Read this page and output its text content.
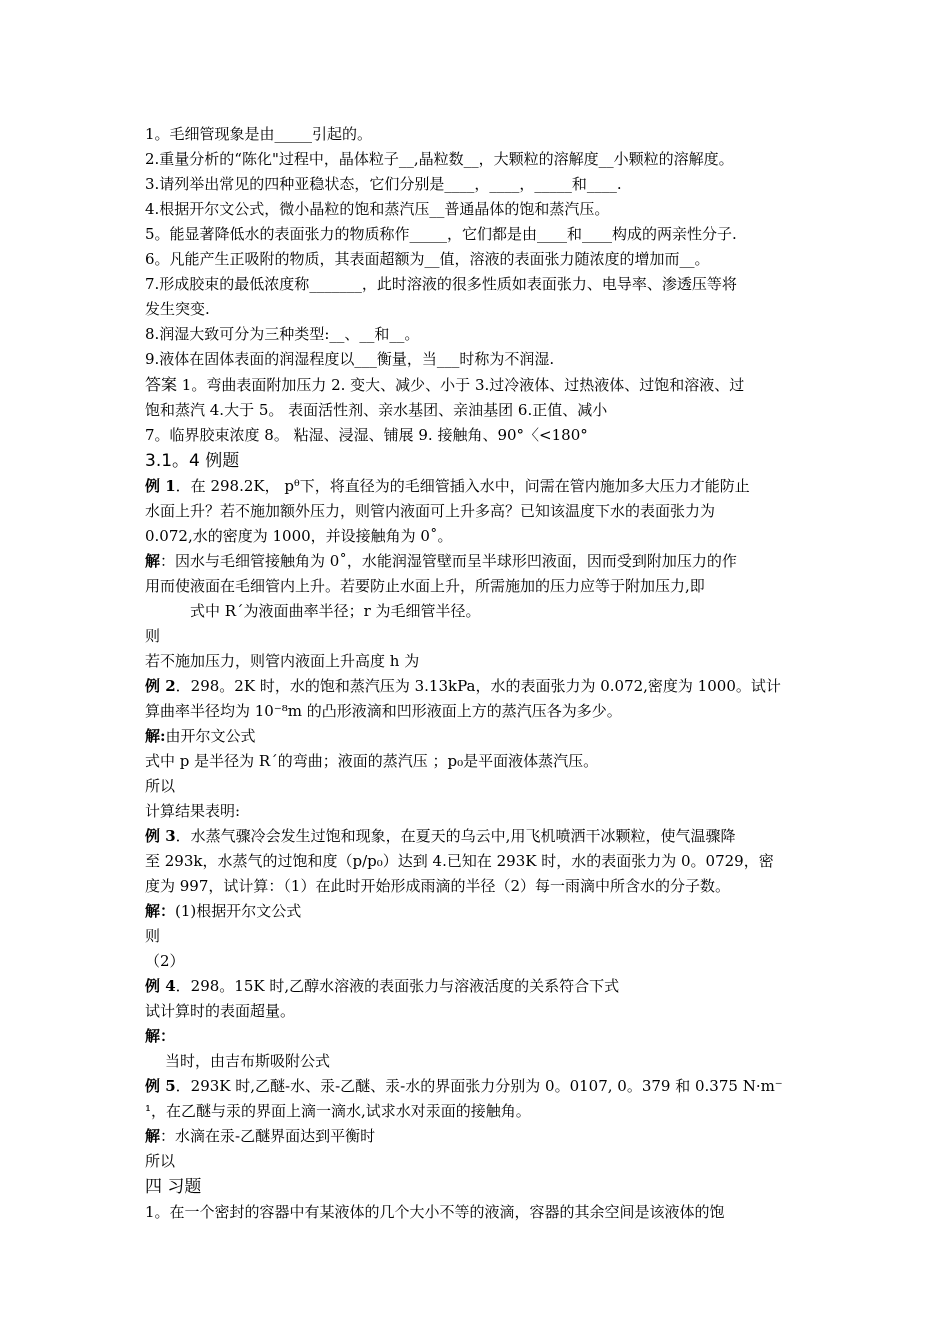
1。毛细管现象是由_____引起的。

2.重量分析的“陈化"过程中，晶体粒子__,晶粒数__，大颗粒的溶解度__小颗粒的溶解度。

3.请列举出常见的四种亚稳状态，它们分别是____，____，_____和____.

4.根据开尔文公式，微小晶粒的饱和蒸汽压__普通晶体的饱和蒸汽压。

5。能显著降低水的表面张力的物质称作_____，它们都是由____和____构成的两亲性分子.

6。凡能产生正吸附的物质，其表面超额为__值，溶液的表面张力随浓度的增加而__。

7.形成胶束的最低浓度称_______，此时溶液的很多性质如表面张力、电导率、渗透压等将

发生突变.

8.润湿大致可分为三种类型:__、__和__。

9.液体在固体表面的润湿程度以___衡量，当___时称为不润湿.

答案 1。弯曲表面附加压力 2. 变大、减少、小于 3.过冷液体、过热液体、过饱和溶液、过

饱和蒸汽 4.大于 5。 表面活性剂、亲水基团、亲油基团 6.正值、减小

7。临界胶束浓度 8。 粘湿、浸湿、铺展 9. 接触角、90°〈<180°

3.1。4 例题

例 1．在 298.2K， pᶿ下，将直径为的毛细管插入水中，问需在管内施加多大压力才能防止

水面上升？若不施加额外压力，则管内液面可上升多高？已知该温度下水的表面张力为

0.072,水的密度为 1000，并设接触角为 0˚。

解：因水与毛细管接触角为 0˚，水能润湿管壁而呈半球形凹液面，因而受到附加压力的作

用而使液面在毛细管内上升。若要防止水面上升，所需施加的压力应等于附加压力,即

式中 R΄为液面曲率半径；r 为毛细管半径。

则

若不施加压力，则管内液面上升高度 h 为

例 2．298。2K 时，水的饱和蒸汽压为 3.13kPa，水的表面张力为 0.072,密度为 1000。试计

算曲率半径均为 10⁻⁸m 的凸形液滴和凹形液面上方的蒸汽压各为多少。

解:由开尔文公式

式中 p 是半径为 R΄的弯曲；液面的蒸汽压 ；p₀是平面液体蒸汽压。

所以

计算结果表明:

例 3．水蒸气骤冷会发生过饱和现象，在夏天的乌云中,用飞机喷洒干冰颗粒，使气温骤降

至 293k，水蒸气的过饱和度（p/p₀）达到 4.已知在 293K 时，水的表面张力为 0。0729，密

度为 997，试计算：（1）在此时开始形成雨滴的半径（2）每一雨滴中所含水的分子数。

解：(1)根据开尔文公式

则

（2）

例 4．298。15K 时,乙醇水溶液的表面张力与溶液活度的关系符合下式

试计算时的表面超量。

解：

当时，由吉布斯吸附公式

例 5．293K 时,乙醚-水、汞-乙醚、汞-水的界面张力分别为 0。0107, 0。379 和 0.375 N·m⁻

¹，在乙醚与汞的界面上滴一滴水,试求水对汞面的接触角。

解：水滴在汞-乙醚界面达到平衡时

所以

四 习题

1。在一个密封的容器中有某液体的几个大小不等的液滴，容器的其余空间是该液体的饱
